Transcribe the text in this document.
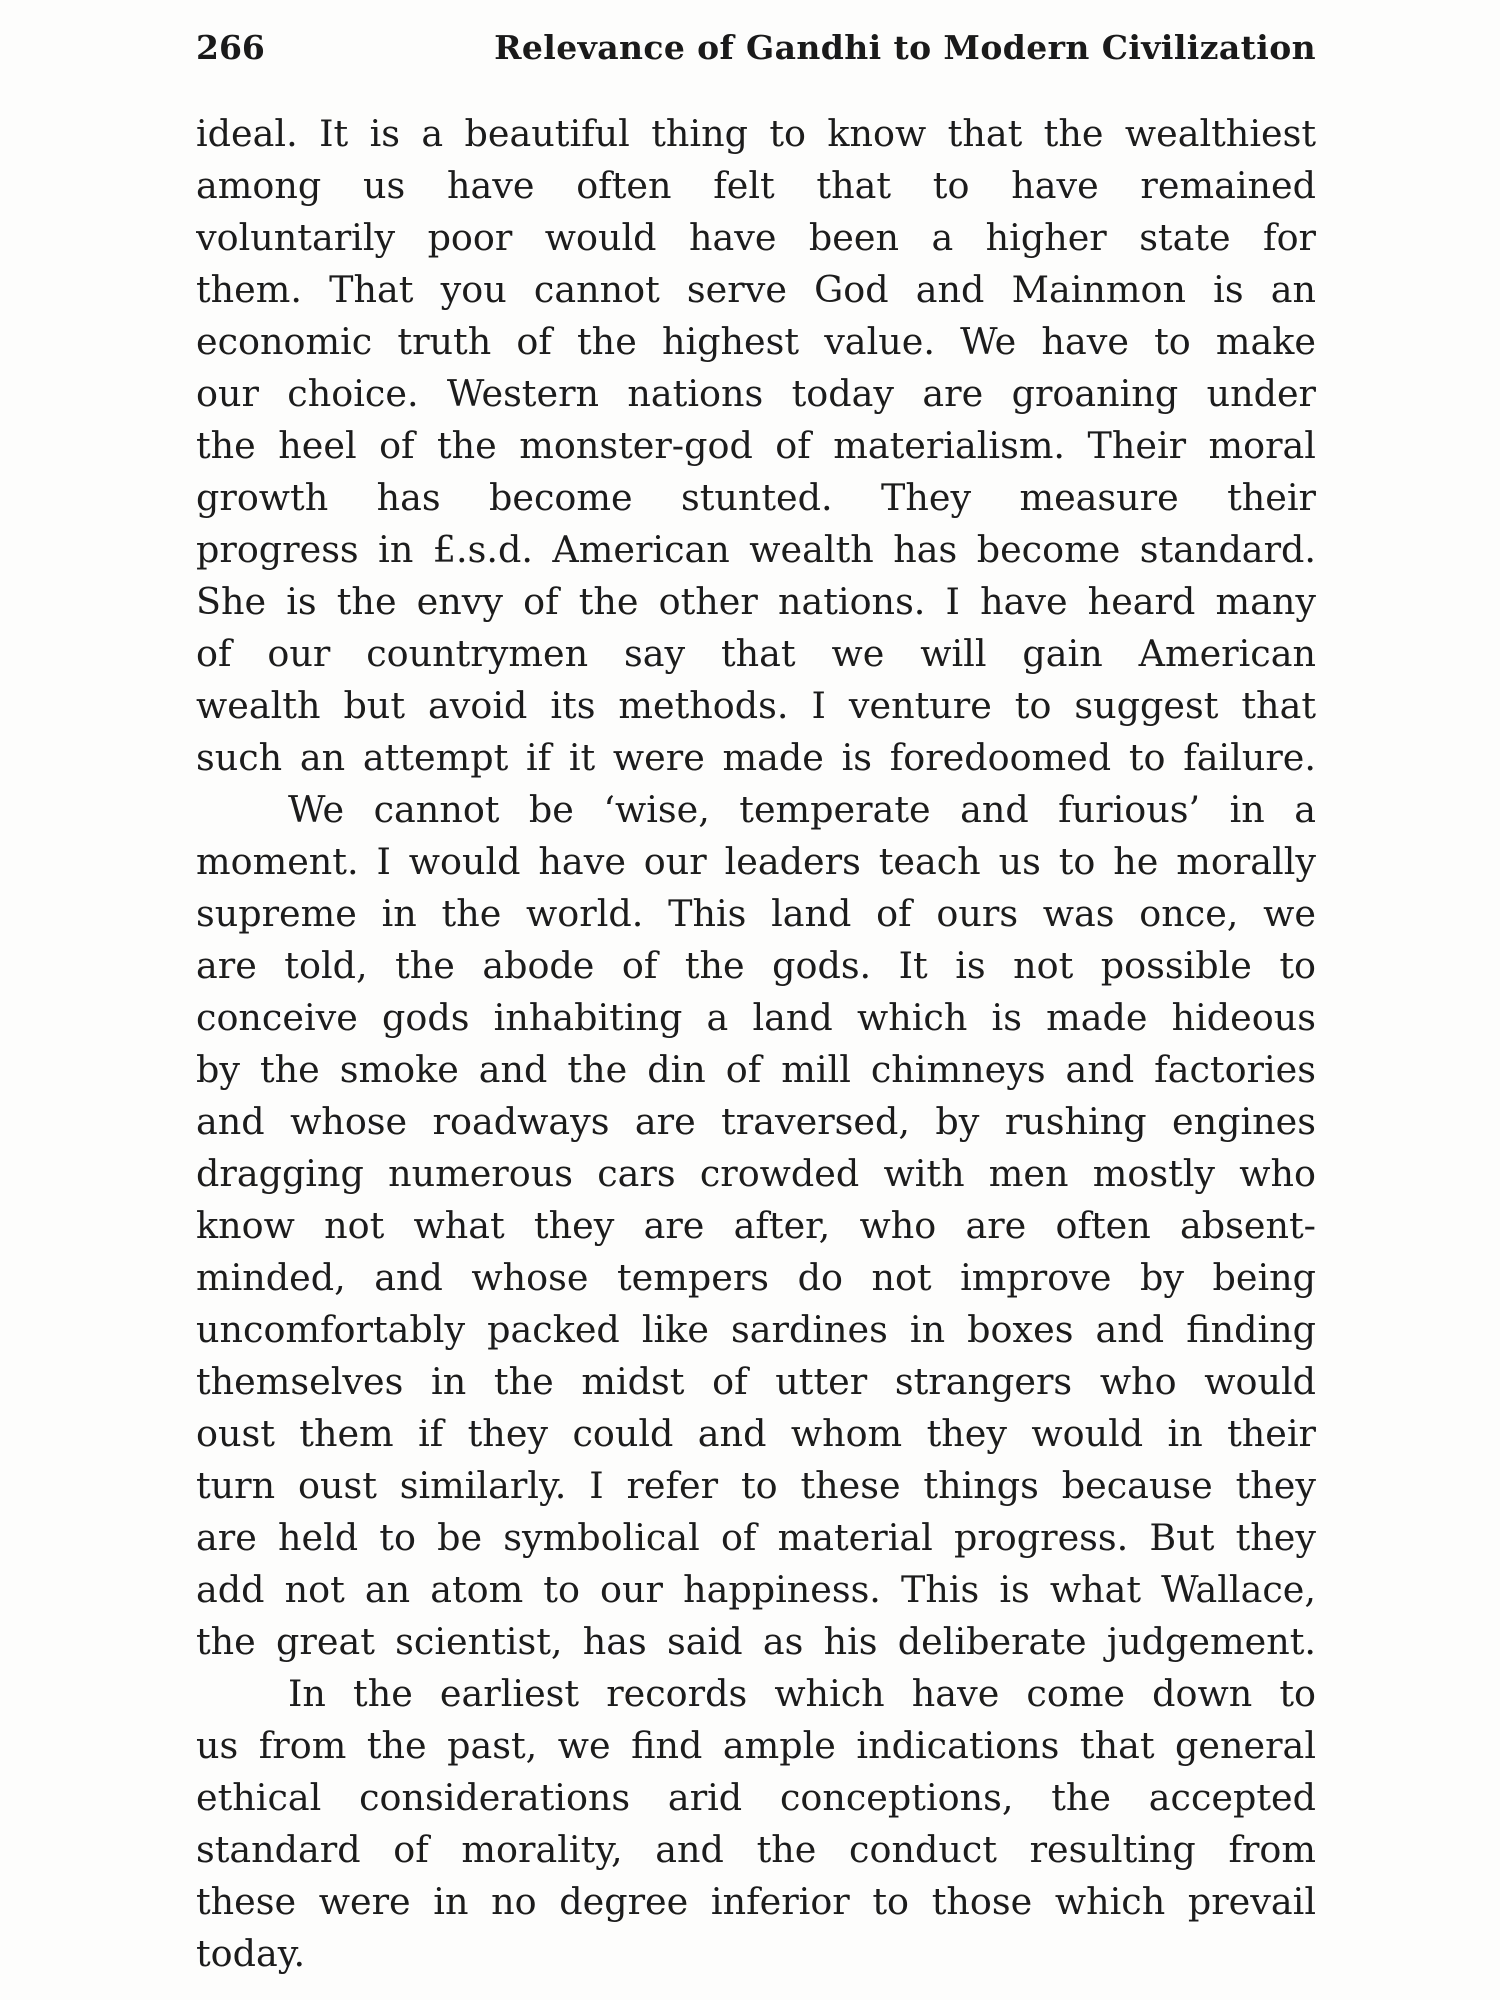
266	Relevance of Gandhi to Modern Civilization
ideal. It is a beautiful thing to know that the wealthiest
among us have often felt that to have remained
voluntarily poor would have been a higher state for
them. That you cannot serve God and Mainmon is an
economic truth of the highest value. We have to make
our choice. Western nations today are groaning under
the heel of the monster-god of materialism. Their moral
growth has become stunted. They measure their
progress in £.s.d. American wealth has become standard.
She is the envy of the other nations. I have heard many
of our countrymen say that we will gain American
wealth but avoid its methods. I venture to suggest that
such an attempt if it were made is foredoomed to failure.
We cannot be ‘wise, temperate and furious’ in a
moment. I would have our leaders teach us to he morally
supreme in the world. This land of ours was once, we
are told, the abode of the gods. It is not possible to
conceive gods inhabiting a land which is made hideous
by the smoke and the din of mill chimneys and factories
and whose roadways are traversed, by rushing engines
dragging numerous cars crowded with men mostly who
know not what they are after, who are often absent-
minded, and whose tempers do not improve by being
uncomfortably packed like sardines in boxes and finding
themselves in the midst of utter strangers who would
oust them if they could and whom they would in their
turn oust similarly. I refer to these things because they
are held to be symbolical of material progress. But they
add not an atom to our happiness. This is what Wallace,
the great scientist, has said as his deliberate judgement.
In the earliest records which have come down to
us from the past, we find ample indications that general
ethical considerations arid conceptions, the accepted
standard of morality, and the conduct resulting from
these were in no degree inferior to those which prevail
today.
